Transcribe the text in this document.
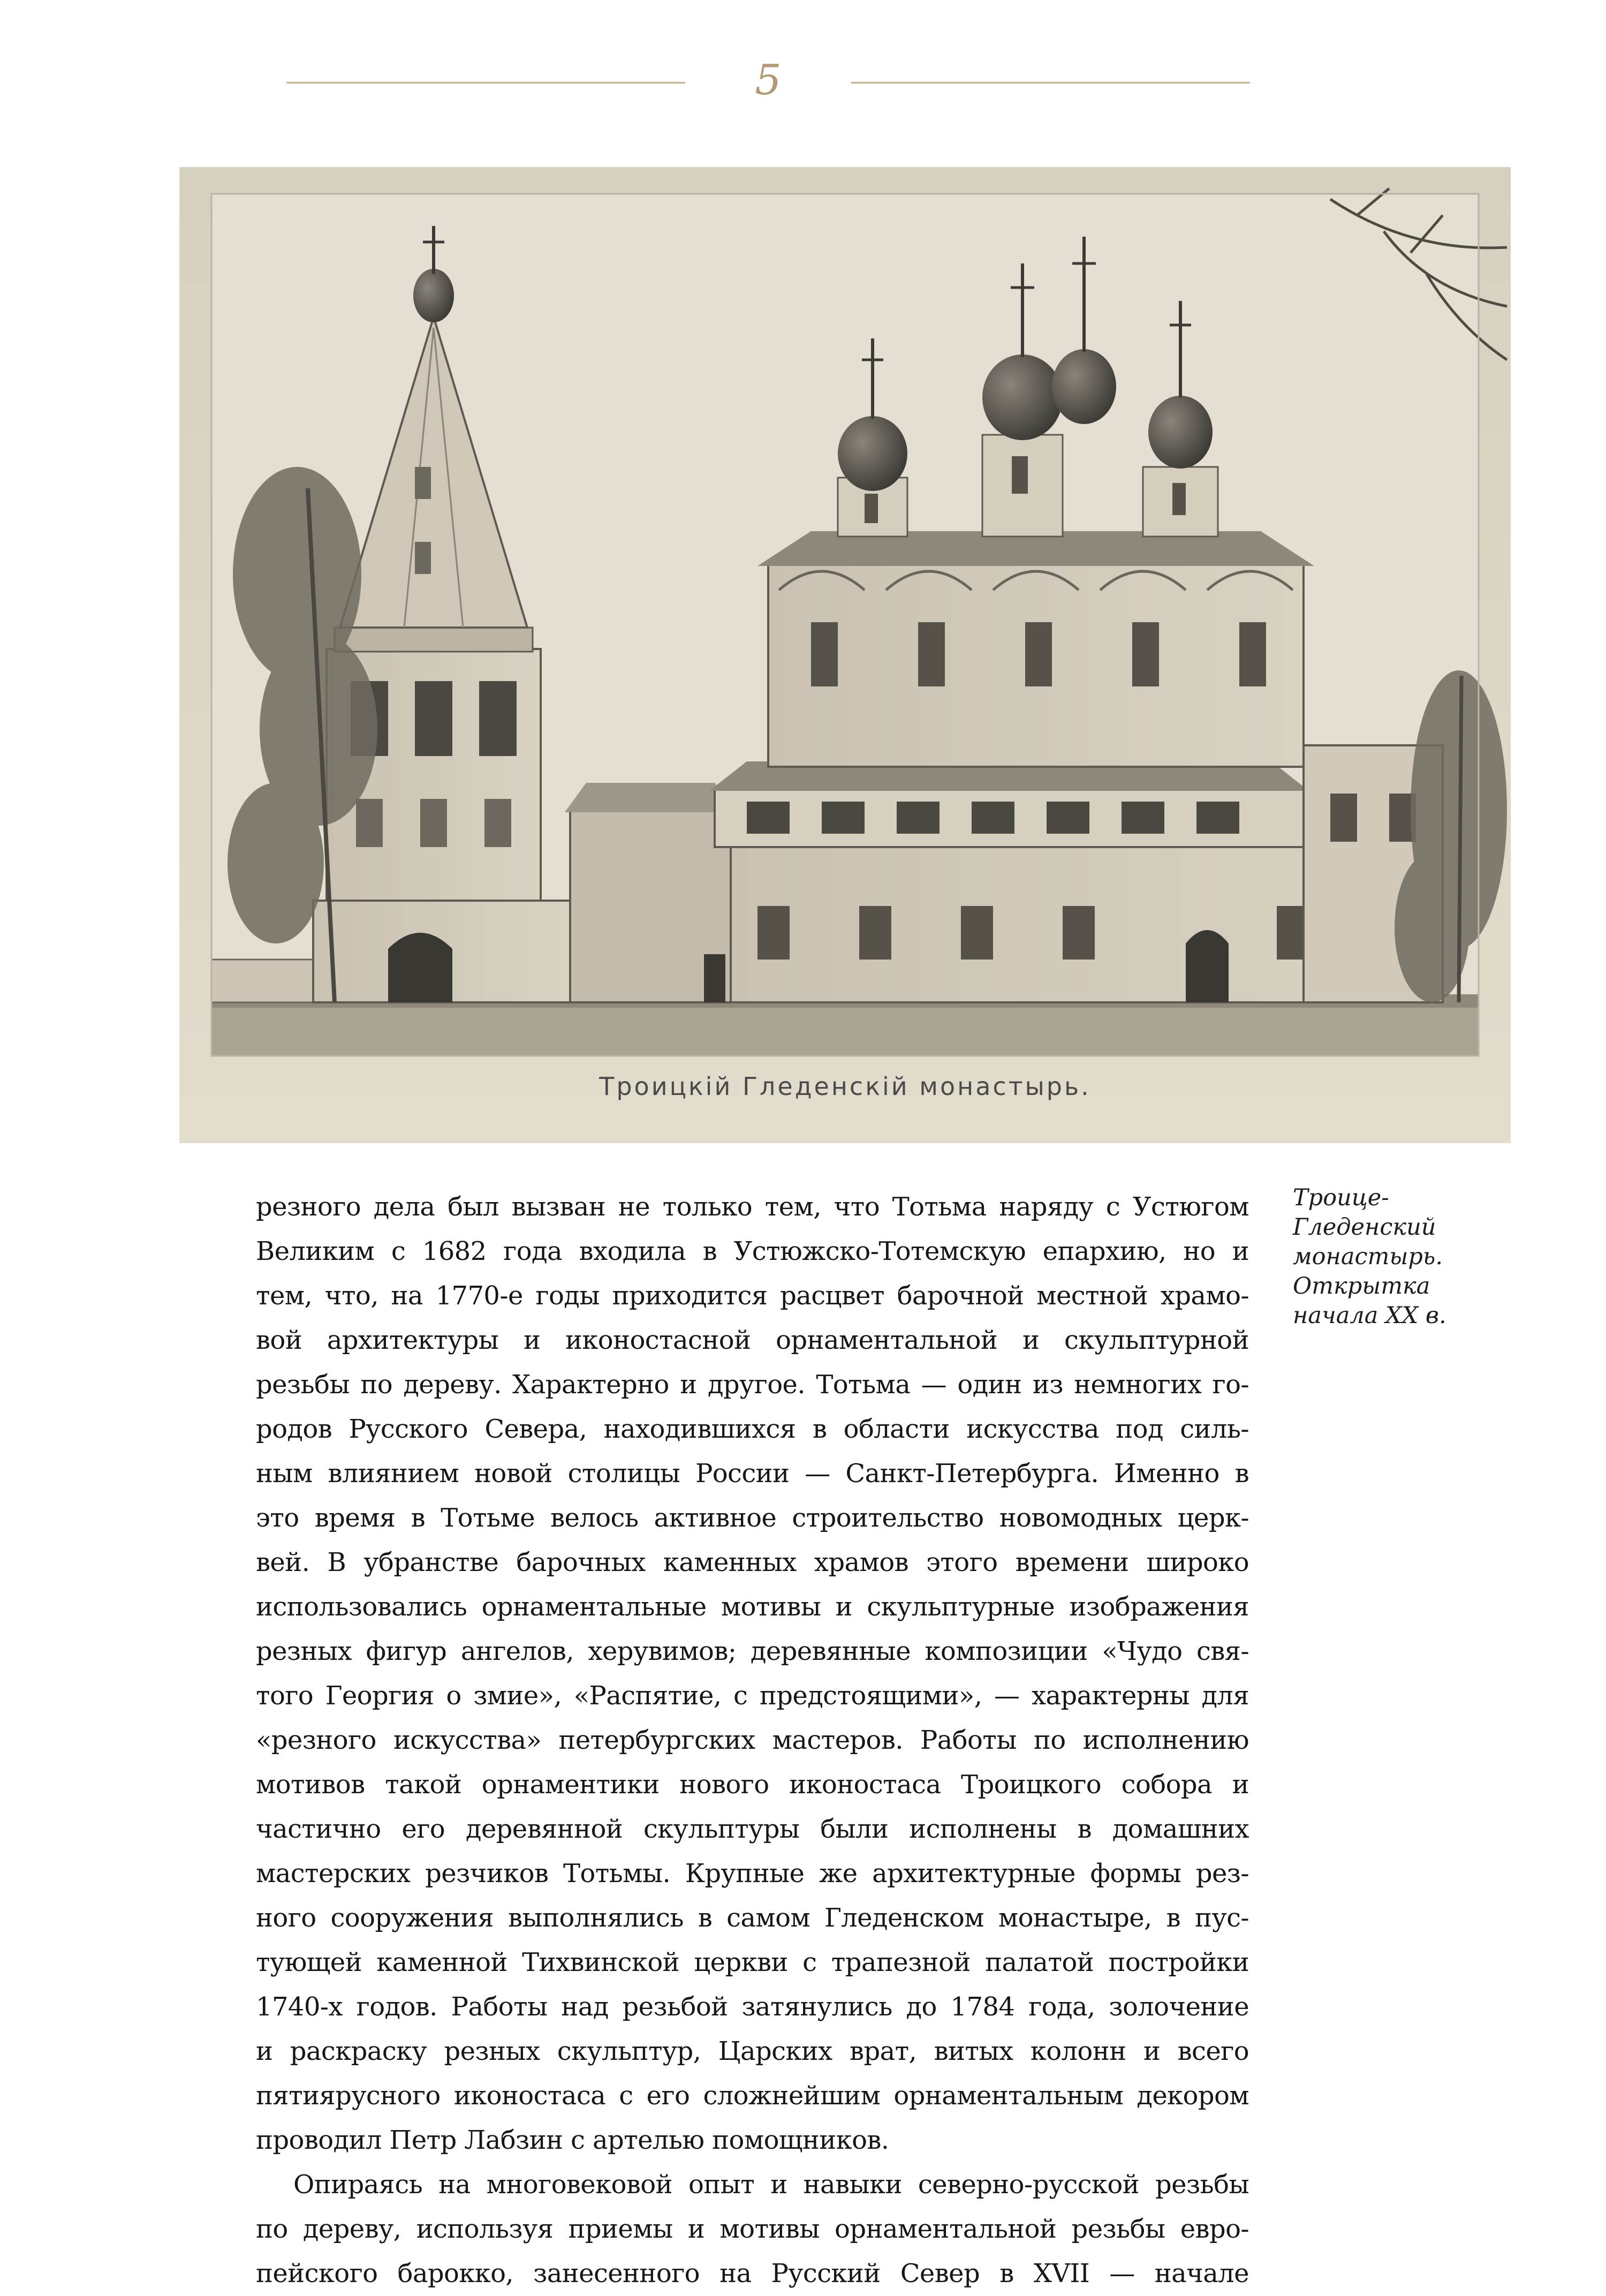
5
Троицкій Гледенскій монастырь.
Троице-
Гледенский
монастырь.
Открытка
начала XX в.
резного дела был вызван не только тем, что Тотьма наряду с Устюгом
Великим с 1682 года входила в Устюжско-Тотемскую епархию, но и
тем, что, на 1770-е годы приходится расцвет барочной местной храмо-
вой архитектуры и иконостасной орнаментальной и скульптурной
резьбы по дереву. Характерно и другое. Тотьма — один из немногих го-
родов Русского Севера, находившихся в области искусства под силь-
ным влиянием новой столицы России — Санкт-Петербурга. Именно в
это время в Тотьме велось активное строительство новомодных церк-
вей. В убранстве барочных каменных храмов этого времени широко
использовались орнаментальные мотивы и скульптурные изображения
резных фигур ангелов, херувимов; деревянные композиции «Чудо свя-
того Георгия о змие», «Распятие, с предстоящими», — характерны для
«резного искусства» петербургских мастеров. Работы по исполнению
мотивов такой орнаментики нового иконостаса Троицкого собора и
частично его деревянной скульптуры были исполнены в домашних
мастерских резчиков Тотьмы. Крупные же архитектурные формы рез-
ного сооружения выполнялись в самом Гледенском монастыре, в пус-
тующей каменной Тихвинской церкви с трапезной палатой постройки
1740-х годов. Работы над резьбой затянулись до 1784 года, золочение
и раскраску резных скульптур, Царских врат, витых колонн и всего
пятиярусного иконостаса с его сложнейшим орнаментальным декором
проводил Петр Лабзин с артелью помощников.
Опираясь на многовековой опыт и навыки северно-русской резьбы
по дереву, используя приемы и мотивы орнаментальной резьбы евро-
пейского барокко, занесенного на Русский Север в XVII — начале
